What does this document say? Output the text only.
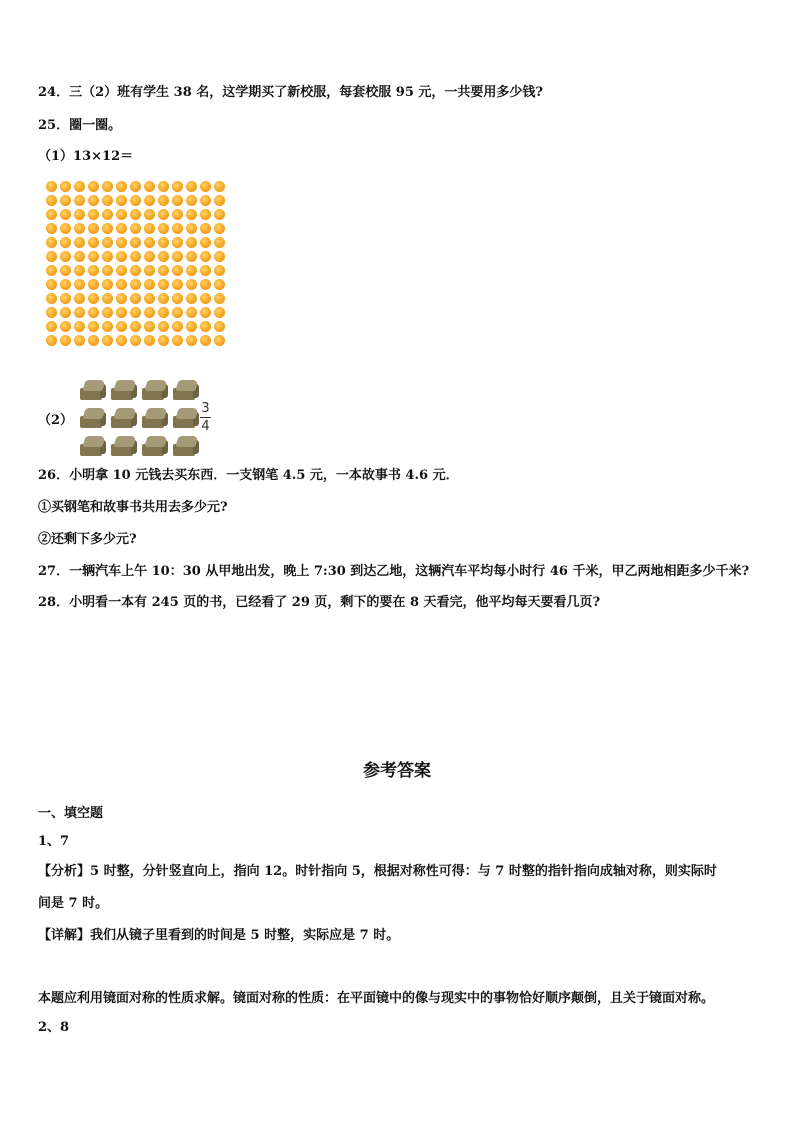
24．三（2）班有学生 38 名，这学期买了新校服，每套校服 95 元，一共要用多少钱?
25．圈一圈。
（1）13×12＝
（2）
3
4
26．小明拿 10 元钱去买东西．一支钢笔 4.5 元，一本故事书 4.6 元．
①买钢笔和故事书共用去多少元?
②还剩下多少元?
27．一辆汽车上午 10：30 从甲地出发，晚上 7:30 到达乙地，这辆汽车平均每小时行 46 千米，甲乙两地相距多少千米?
28．小明看一本有 245 页的书，已经看了 29 页，剩下的要在 8 天看完，他平均每天要看几页?
参考答案
一、填空题
1、7
【分析】5 时整，分针竖直向上，指向 12。时针指向 5，根据对称性可得：与 7 时整的指针指向成轴对称，则实际时
间是 7 时。
【详解】我们从镜子里看到的时间是 5 时整，实际应是 7 时。
本题应利用镜面对称的性质求解。镜面对称的性质：在平面镜中的像与现实中的事物恰好顺序颠倒，且关于镜面对称。
2、8
